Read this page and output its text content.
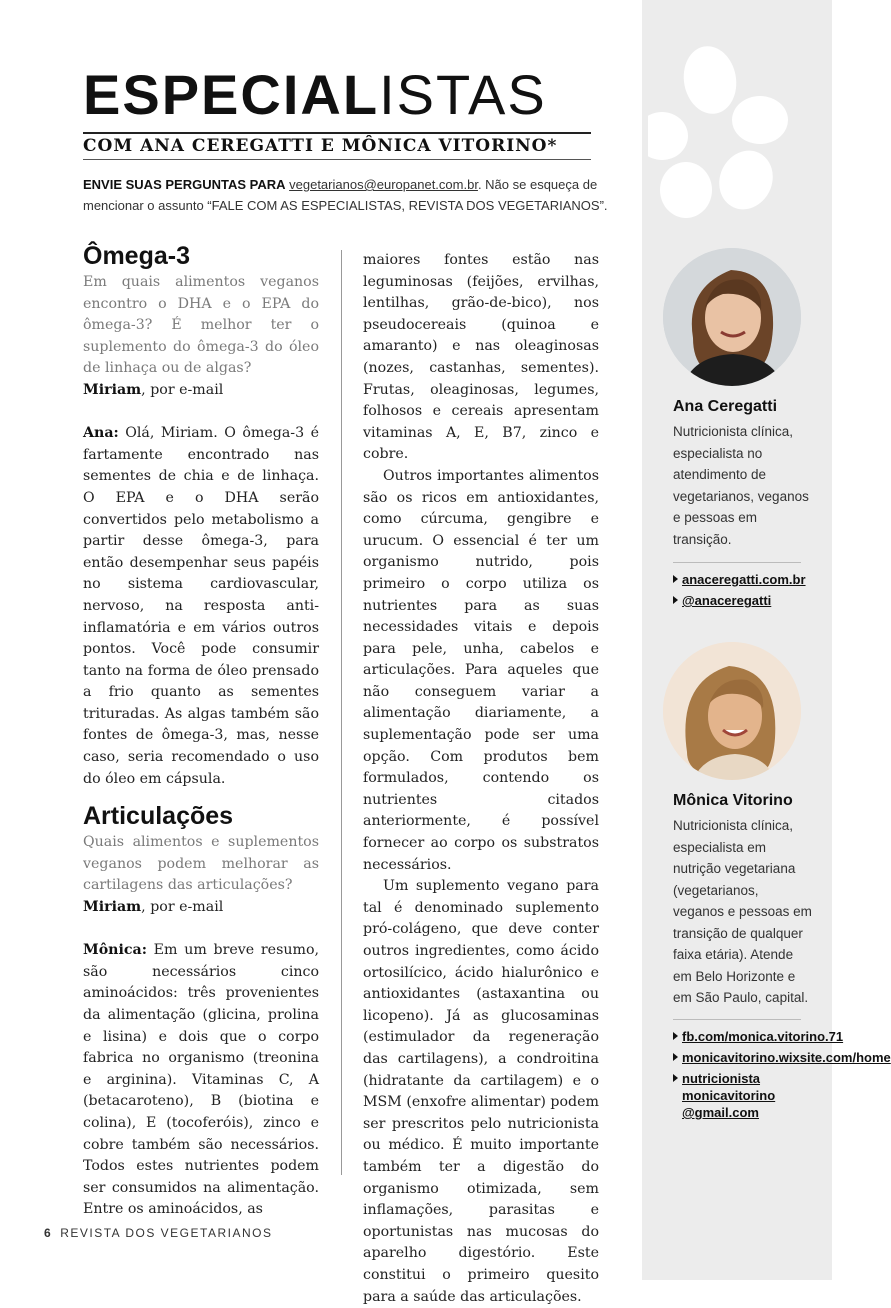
ESPECIALISTAS

COM ANA CEREGATTI E MÔNICA VITORINO*

ENVIE SUAS PERGUNTAS PARA vegetarianos@europanet.com.br. Não se esqueça de mencionar o assunto “FALE COM AS ESPECIALISTAS, REVISTA DOS VEGETARIANOS”.

Ômega-3

Em quais alimentos veganos encontro o DHA e o EPA do ômega-3? É melhor ter o suplemento do ômega-3 do óleo de linhaça ou de algas?

Miriam, por e-mail

Ana: Olá, Miriam. O ômega-3 é fartamente encontrado nas sementes de chia e de linhaça. O EPA e o DHA serão convertidos pelo metabolismo a partir desse ômega-3, para então desempenhar seus papéis no sistema cardiovascular, nervoso, na resposta anti-inflamatória e em vários outros pontos. Você pode consumir tanto na forma de óleo prensado a frio quanto as sementes trituradas. As algas também são fontes de ômega-3, mas, nesse caso, seria recomendado o uso do óleo em cápsula.

Articulações

Quais alimentos e suplementos veganos podem melhorar as cartilagens das articulações?

Miriam, por e-mail

Mônica: Em um breve resumo, são necessários cinco aminoácidos: três provenientes da alimentação (glicina, prolina e lisina) e dois que o corpo fabrica no organismo (treonina e arginina). Vitaminas C, A (betacaroteno), B (biotina e colina), E (tocoferóis), zinco e cobre também são necessários. Todos estes nutrientes podem ser consumidos na alimentação. Entre os aminoácidos, as

maiores fontes estão nas leguminosas (feijões, ervilhas, lentilhas, grão-de-bico), nos pseudocereais (quinoa e amaranto) e nas oleaginosas (nozes, castanhas, sementes). Frutas, oleaginosas, legumes, folhosos e cereais apresentam vitaminas A, E, B7, zinco e cobre.

Outros importantes alimentos são os ricos em antioxidantes, como cúrcuma, gengibre e urucum. O essencial é ter um organismo nutrido, pois primeiro o corpo utiliza os nutrientes para as suas necessidades vitais e depois para pele, unha, cabelos e articulações. Para aqueles que não conseguem variar a alimentação diariamente, a suplementação pode ser uma opção. Com produtos bem formulados, contendo os nutrientes citados anteriormente, é possível fornecer ao corpo os substratos necessários.

Um suplemento vegano para tal é denominado suplemento pró-colágeno, que deve conter outros ingredientes, como ácido ortosilícico, ácido hialurônico e antioxidantes (astaxantina ou licopeno). Já as glucosaminas (estimulador da regeneração das cartilagens), a condroitina (hidratante da cartilagem) e o MSM (enxofre alimentar) podem ser prescritos pelo nutricionista ou médico. É muito importante também ter a digestão do organismo otimizada, sem inflamações, parasitas e oportunistas nas mucosas do aparelho digestório. Este constitui o primeiro quesito para a saúde das articulações.

Ana Ceregatti

Nutricionista clínica, especialista no atendimento de vegetarianos, veganos e pessoas em transição.

anaceregatti.com.br
@anaceregatti

Mônica Vitorino

Nutricionista clínica, especialista em nutrição vegetariana (vegetarianos, veganos e pessoas em transição de qualquer faixa etária). Atende em Belo Horizonte e em São Paulo, capital.

fb.com/monica.vitorino.71
monicavitorino.wixsite.com/home
nutricionista monicavitorino @gmail.com

6 REVISTA DOS VEGETARIANOS
